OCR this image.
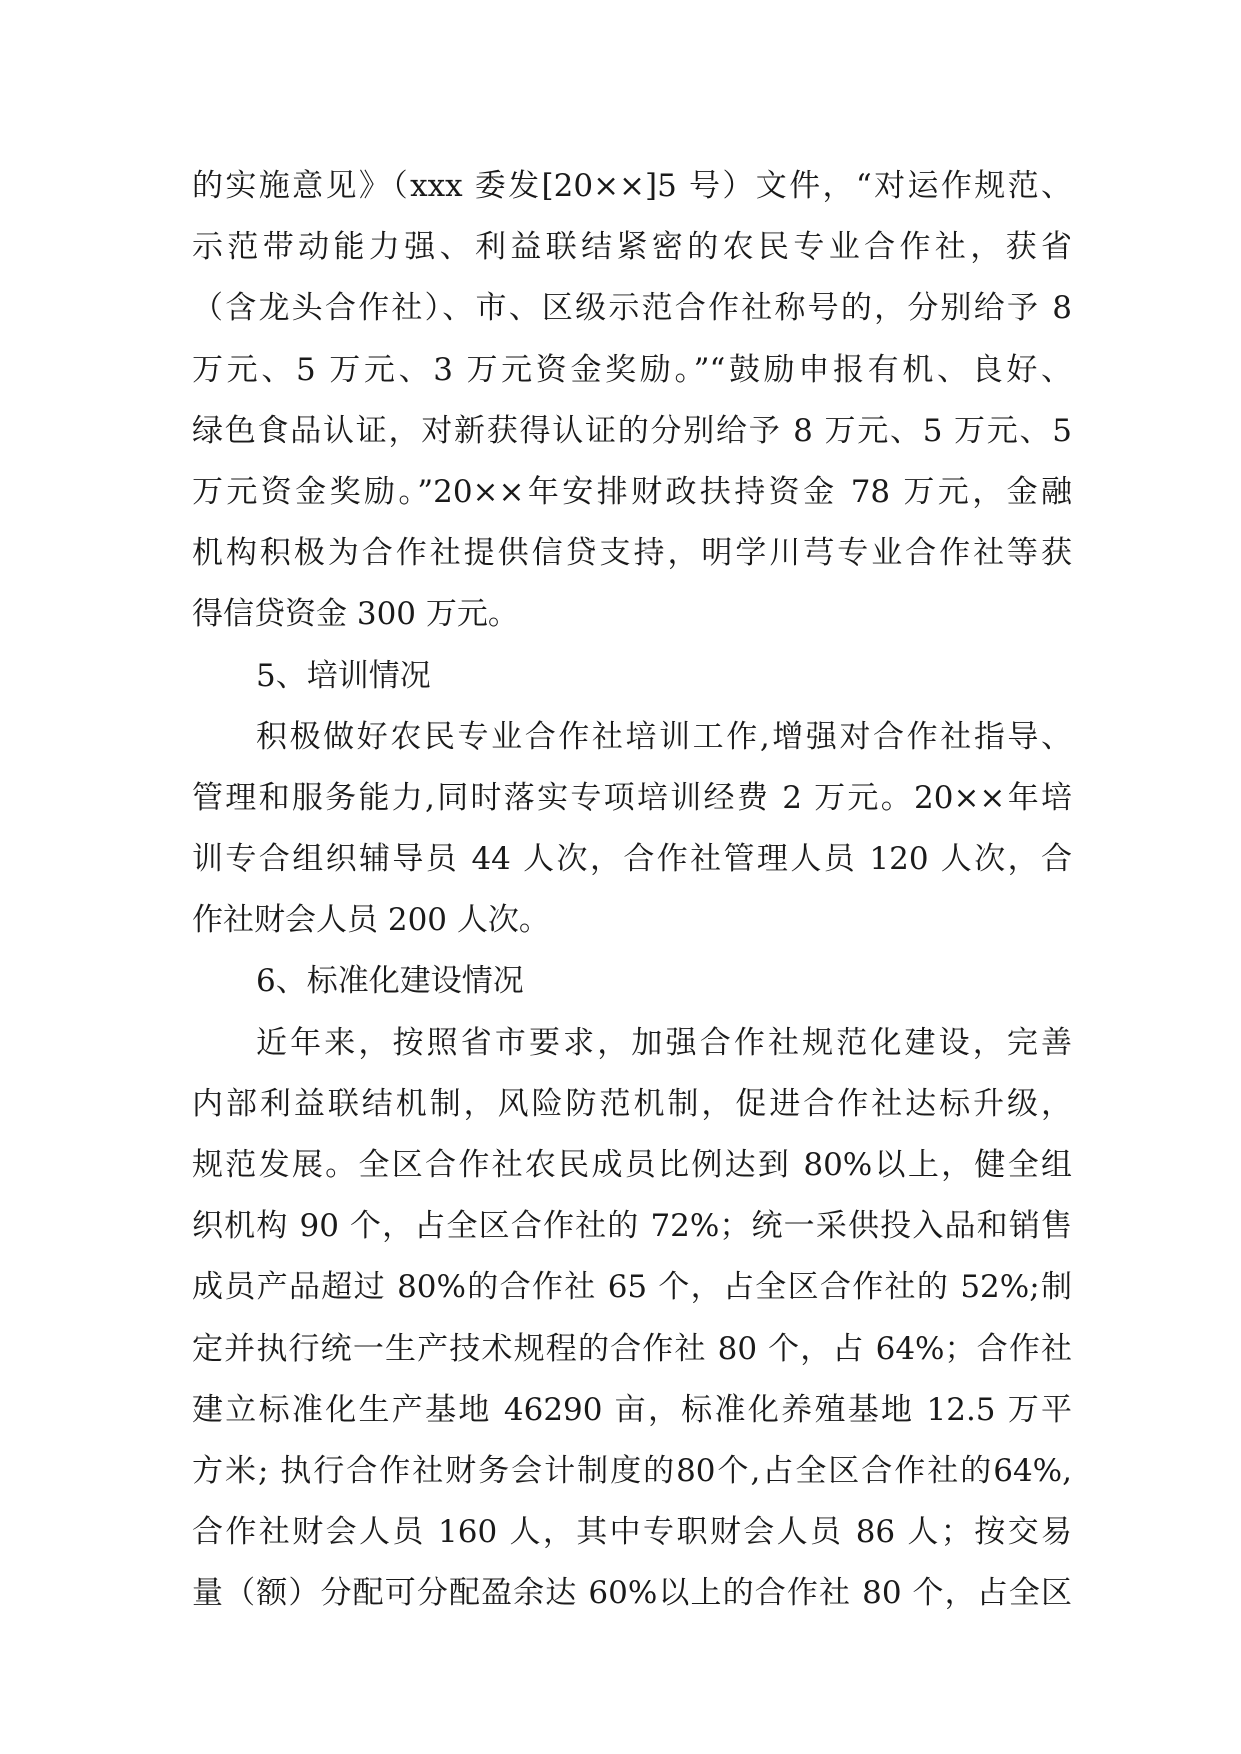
的实施意见》（xxx 委发[20××]5 号）文件，“对运作规范、
示范带动能力强、利益联结紧密的农民专业合作社，获省
（含龙头合作社）、市、区级示范合作社称号的，分别给予 8
万元、5 万元、3 万元资金奖励。”“鼓励申报有机、良好、
绿色食品认证，对新获得认证的分别给予 8 万元、5 万元、5
万元资金奖励。”20××年安排财政扶持资金 78 万元，金融
机构积极为合作社提供信贷支持，明学川芎专业合作社等获
得信贷资金 300 万元。
5、培训情况
积极做好农民专业合作社培训工作,增强对合作社指导、
管理和服务能力,同时落实专项培训经费 2 万元。20××年培
训专合组织辅导员 44 人次，合作社管理人员 120 人次，合
作社财会人员 200 人次。
6、标准化建设情况
近年来，按照省市要求，加强合作社规范化建设，完善
内部利益联结机制，风险防范机制，促进合作社达标升级，
规范发展。全区合作社农民成员比例达到 80%以上，健全组
织机构 90 个，占全区合作社的 72%；统一采供投入品和销售
成员产品超过 80%的合作社 65 个，占全区合作社的 52%;制
定并执行统一生产技术规程的合作社 80 个，占 64%；合作社
建立标准化生产基地 46290 亩，标准化养殖基地 12.5 万平
方米; 执行合作社财务会计制度的80个,占全区合作社的64%,
合作社财会人员 160 人，其中专职财会人员 86 人；按交易
量（额）分配可分配盈余达 60%以上的合作社 80 个，占全区
